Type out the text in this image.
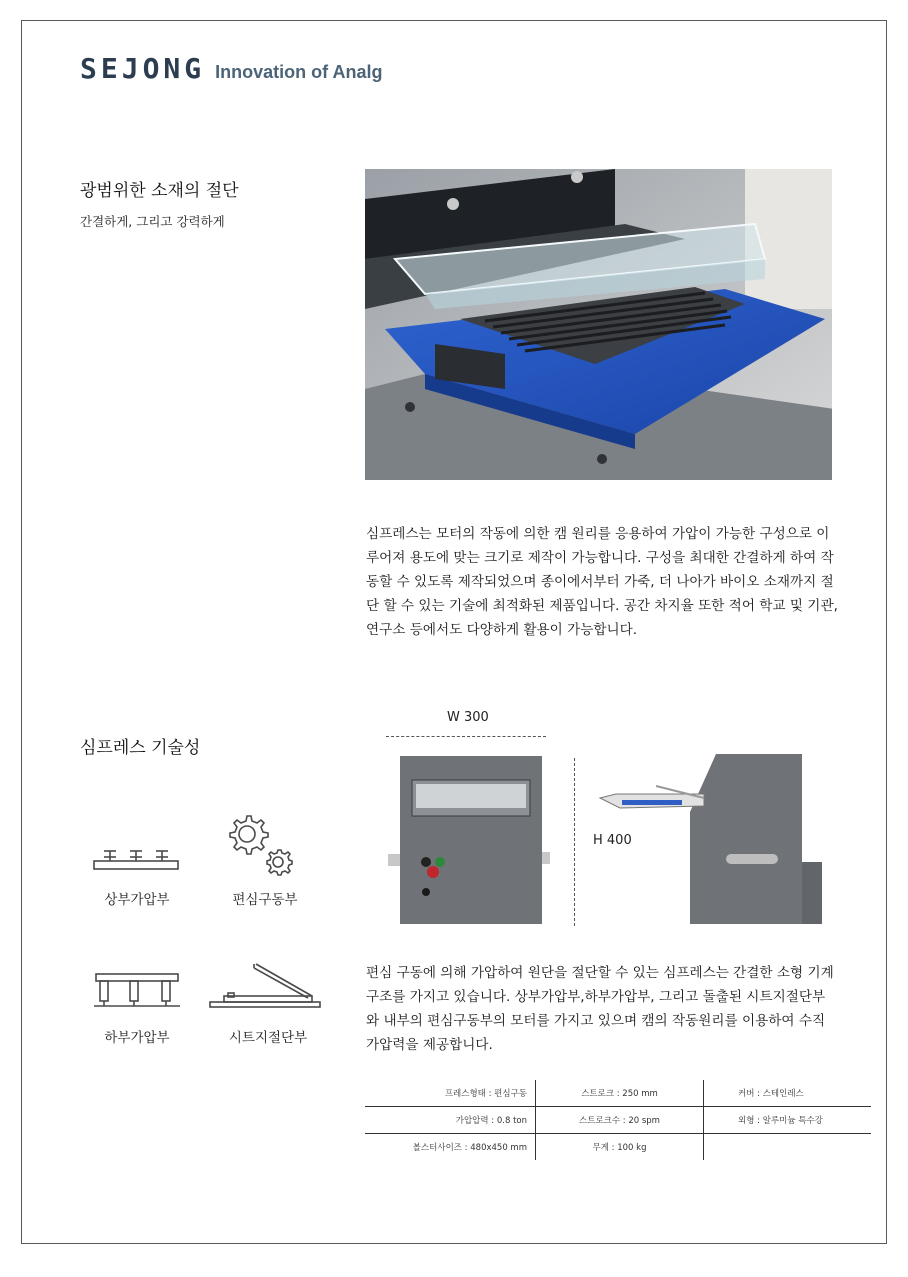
SEJONG Innovation of Analg
광범위한 소재의 절단
간결하게, 그리고 강력하게
심프레스는 모터의 작동에 의한 캠 원리를 응용하여 가압이 가능한 구성으로 이
루어져 용도에 맞는 크기로 제작이 가능합니다. 구성을 최대한 간결하게 하여 작
동할 수 있도록 제작되었으며 종이에서부터 가죽, 더 나아가 바이오 소재까지 절
단 할 수 있는 기술에 최적화된 제품입니다. 공간 차지율 또한 적어 학교 및 기관,
연구소 등에서도 다양하게 활용이 가능합니다.
심프레스 기술성
상부가압부	편심구동부
하부가압부	시트지절단부
W 300
H 400
편심 구동에 의해 가압하여 원단을 절단할 수 있는 심프레스는 간결한 소형 기계
구조를 가지고 있습니다. 상부가압부,하부가압부, 그리고 돌출된 시트지절단부
와 내부의 편심구동부의 모터를 가지고 있으며 캠의 작동원리를 이용하여 수직
가압력을 제공합니다.
프레스형태 : 편심구동	스트로크 : 250 mm	커버 : 스테인레스
가압압력 : 0.8 ton	스트로크수 : 20 spm	외형 : 알루미늄 특수강
볼스터사이즈 : 480x450 mm	무게 : 100 kg
